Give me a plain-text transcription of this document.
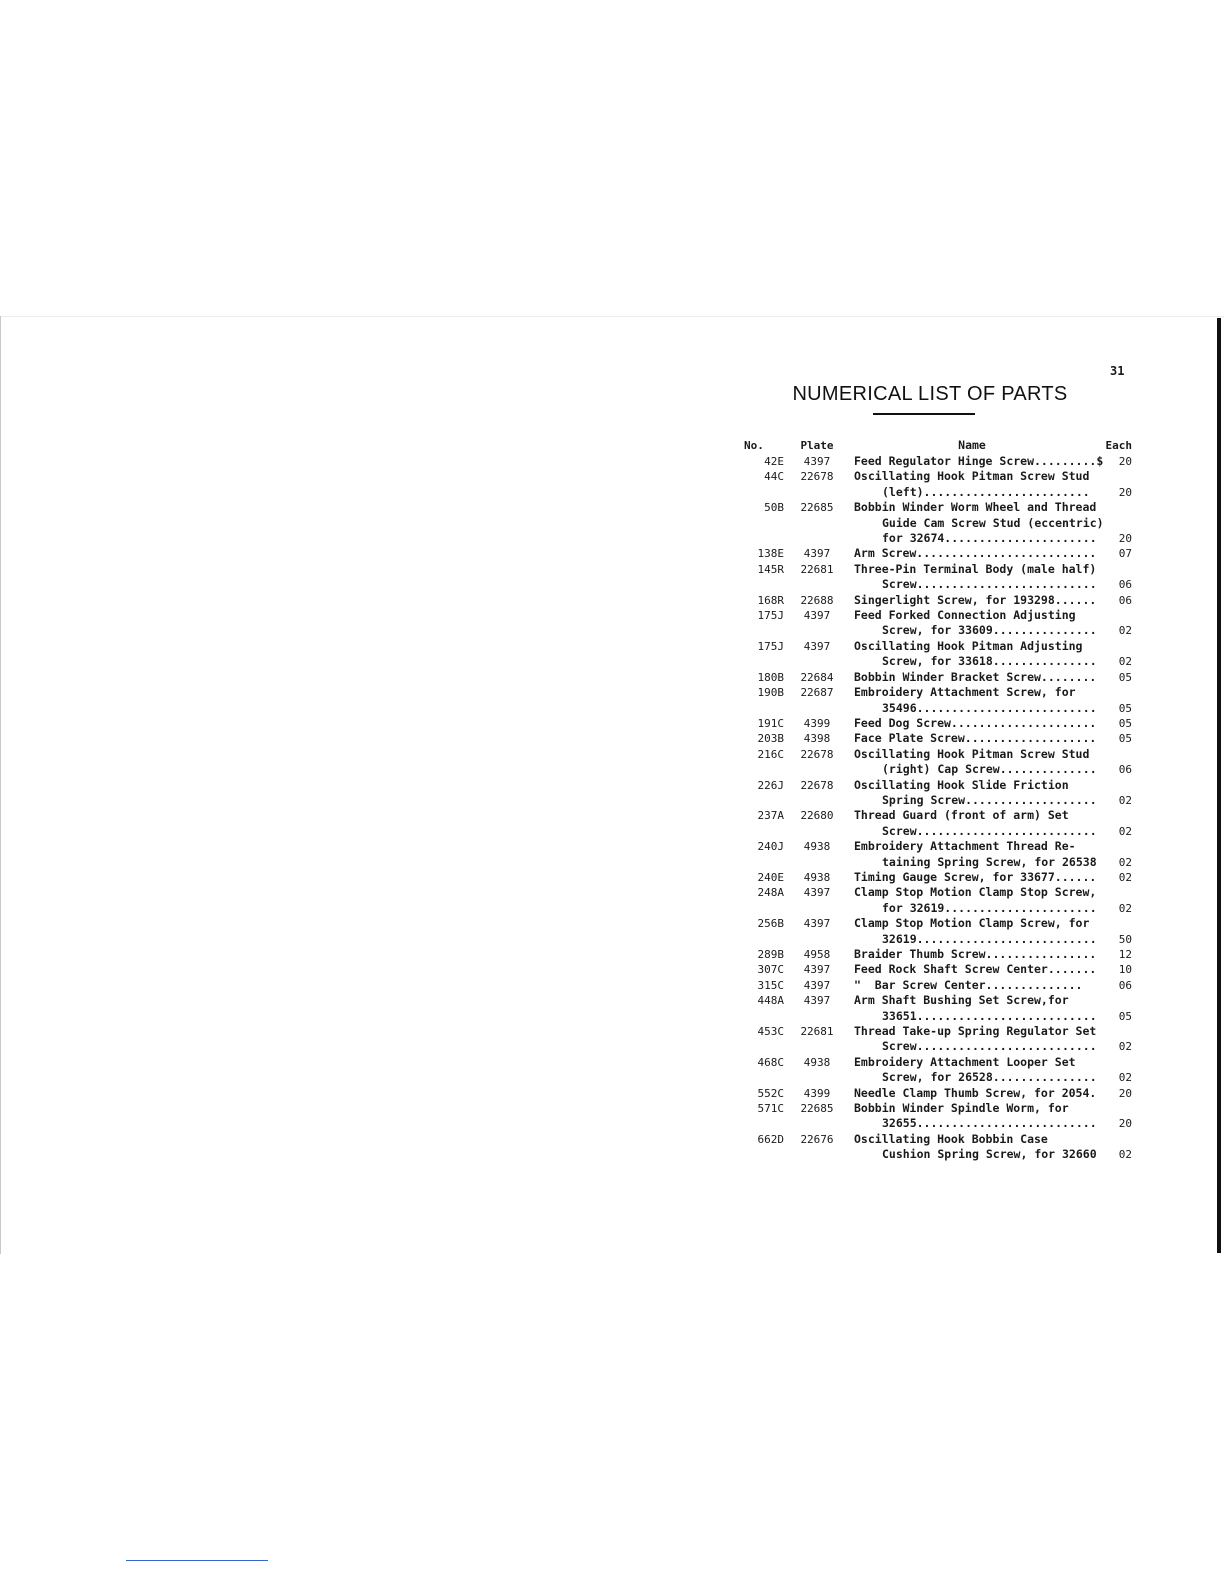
31
NUMERICAL LIST OF PARTS
No.	Plate	Name	Each
42E	4397	Feed Regulator Hinge Screw.........$	20
44C	22678	Oscillating Hook Pitman Screw Stud
(left)........................	20
50B	22685	Bobbin Winder Worm Wheel and Thread
Guide Cam Screw Stud (eccentric)
for 32674......................	20
138E	4397	Arm Screw..........................	07
145R	22681	Three-Pin Terminal Body (male half)
Screw..........................	06
168R	22688	Singerlight Screw, for 193298......	06
175J	4397	Feed Forked Connection Adjusting
Screw, for 33609...............	02
175J	4397	Oscillating Hook Pitman Adjusting
Screw, for 33618...............	02
180B	22684	Bobbin Winder Bracket Screw........	05
190B	22687	Embroidery Attachment Screw, for
35496..........................	05
191C	4399	Feed Dog Screw.....................	05
203B	4398	Face Plate Screw...................	05
216C	22678	Oscillating Hook Pitman Screw Stud
(right) Cap Screw..............	06
226J	22678	Oscillating Hook Slide Friction
Spring Screw...................	02
237A	22680	Thread Guard (front of arm) Set
Screw..........................	02
240J	4938	Embroidery Attachment Thread Re-
taining Spring Screw, for 26538	02
240E	4938	Timing Gauge Screw, for 33677......	02
248A	4397	Clamp Stop Motion Clamp Stop Screw,
for 32619......................	02
256B	4397	Clamp Stop Motion Clamp Screw, for
32619..........................	50
289B	4958	Braider Thumb Screw................	12
307C	4397	Feed Rock Shaft Screw Center.......	10
315C	4397	"  Bar Screw Center..............	06
448A	4397	Arm Shaft Bushing Set Screw,for
33651..........................	05
453C	22681	Thread Take-up Spring Regulator Set
Screw..........................	02
468C	4938	Embroidery Attachment Looper Set
Screw, for 26528...............	02
552C	4399	Needle Clamp Thumb Screw, for 2054.	20
571C	22685	Bobbin Winder Spindle Worm, for
32655..........................	20
662D	22676	Oscillating Hook Bobbin Case
Cushion Spring Screw, for 32660	02
